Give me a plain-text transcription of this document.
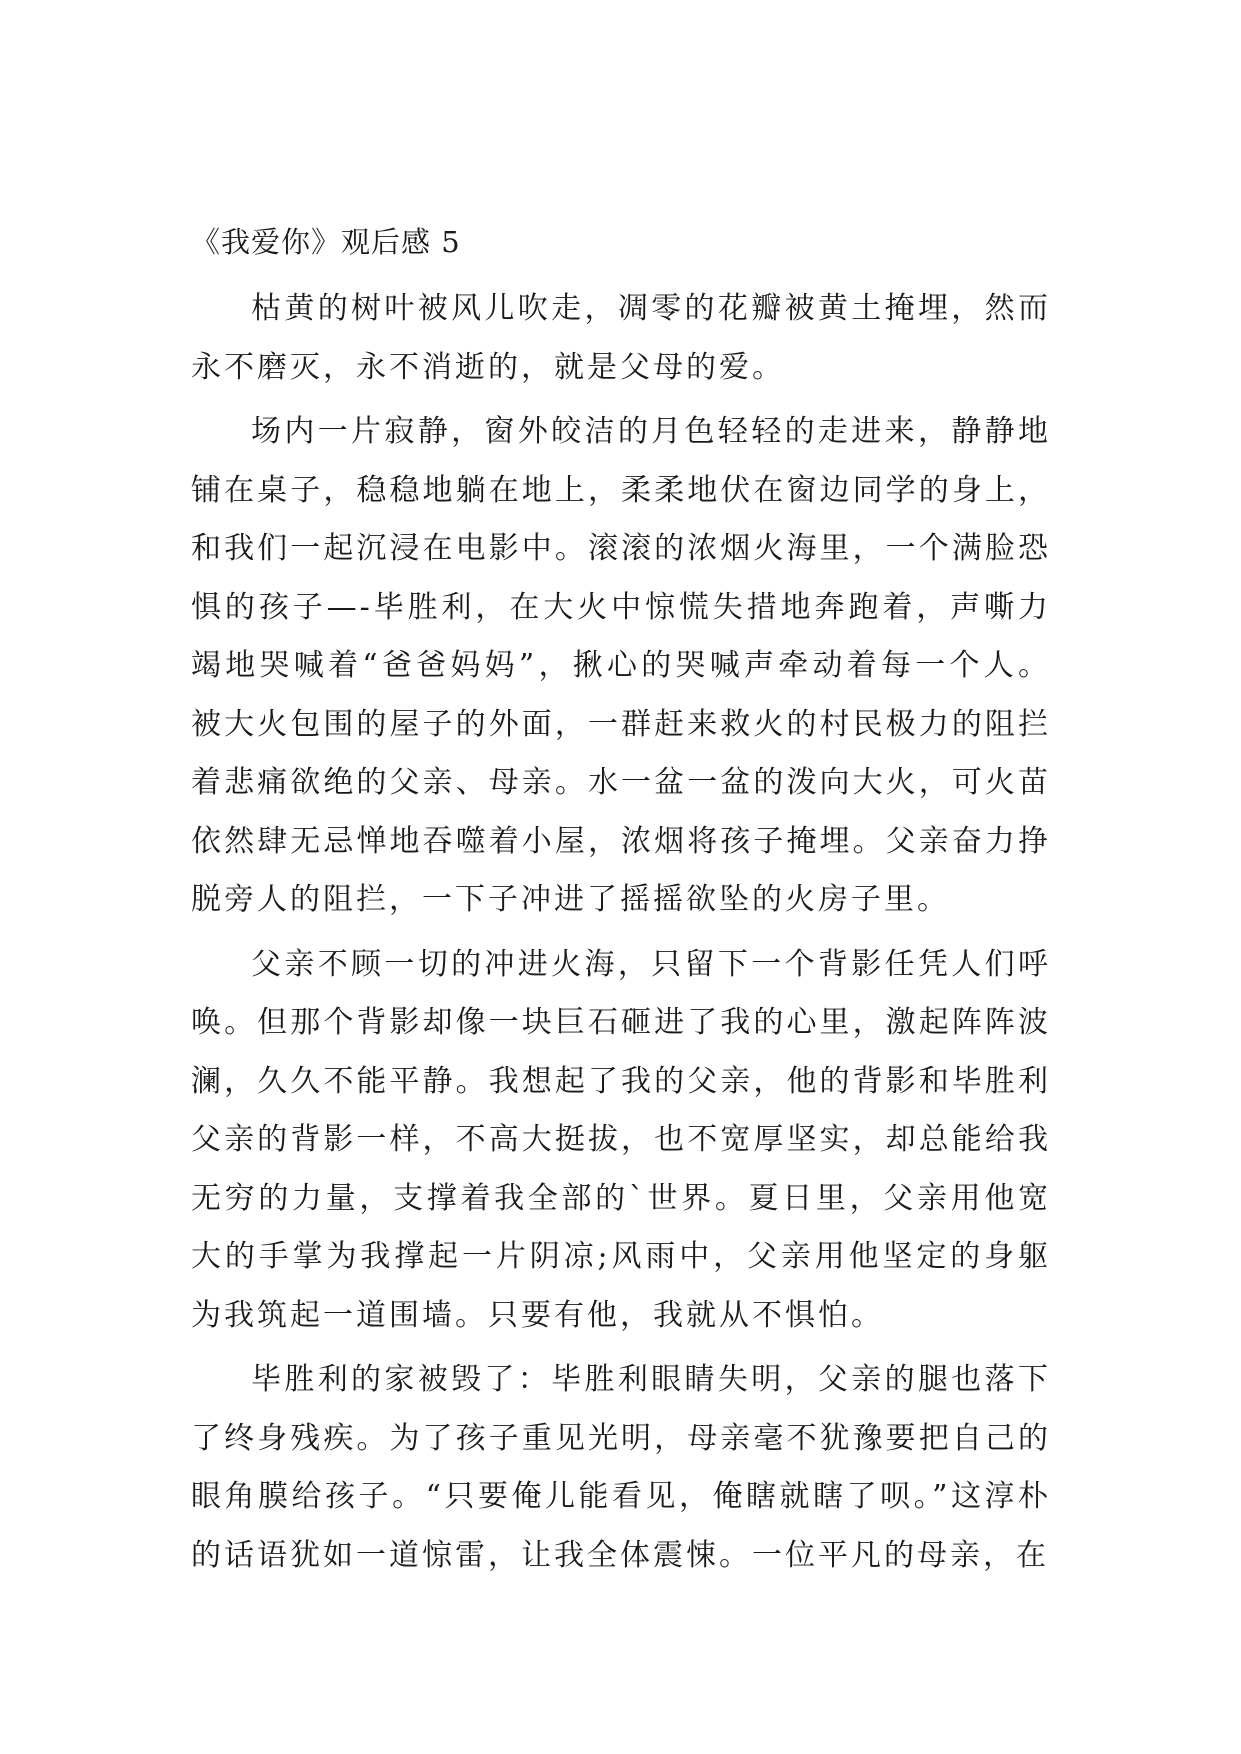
《我爱你》观后感 5

枯黄的树叶被风儿吹走，凋零的花瓣被黄土掩埋，然而永不磨灭，永不消逝的，就是父母的爱。

场内一片寂静，窗外皎洁的月色轻轻的走进来，静静地铺在桌子，稳稳地躺在地上，柔柔地伏在窗边同学的身上，和我们一起沉浸在电影中。滚滚的浓烟火海里，一个满脸恐惧的孩子—-毕胜利，在大火中惊慌失措地奔跑着，声嘶力竭地哭喊着“爸爸妈妈”，揪心的哭喊声牵动着每一个人。被大火包围的屋子的外面，一群赶来救火的村民极力的阻拦着悲痛欲绝的父亲、母亲。水一盆一盆的泼向大火，可火苗依然肆无忌惮地吞噬着小屋，浓烟将孩子掩埋。父亲奋力挣脱旁人的阻拦，一下子冲进了摇摇欲坠的火房子里。

父亲不顾一切的冲进火海，只留下一个背影任凭人们呼唤。但那个背影却像一块巨石砸进了我的心里，激起阵阵波澜，久久不能平静。我想起了我的父亲，他的背影和毕胜利父亲的背影一样，不高大挺拔，也不宽厚坚实，却总能给我无穷的力量，支撑着我全部的`世界。夏日里，父亲用他宽大的手掌为我撑起一片阴凉;风雨中，父亲用他坚定的身躯为我筑起一道围墙。只要有他，我就从不惧怕。

毕胜利的家被毁了：毕胜利眼睛失明，父亲的腿也落下了终身残疾。为了孩子重见光明，母亲毫不犹豫要把自己的眼角膜给孩子。“只要俺儿能看见，俺瞎就瞎了呗。”这淳朴的话语犹如一道惊雷，让我全体震悚。一位平凡的母亲，在
